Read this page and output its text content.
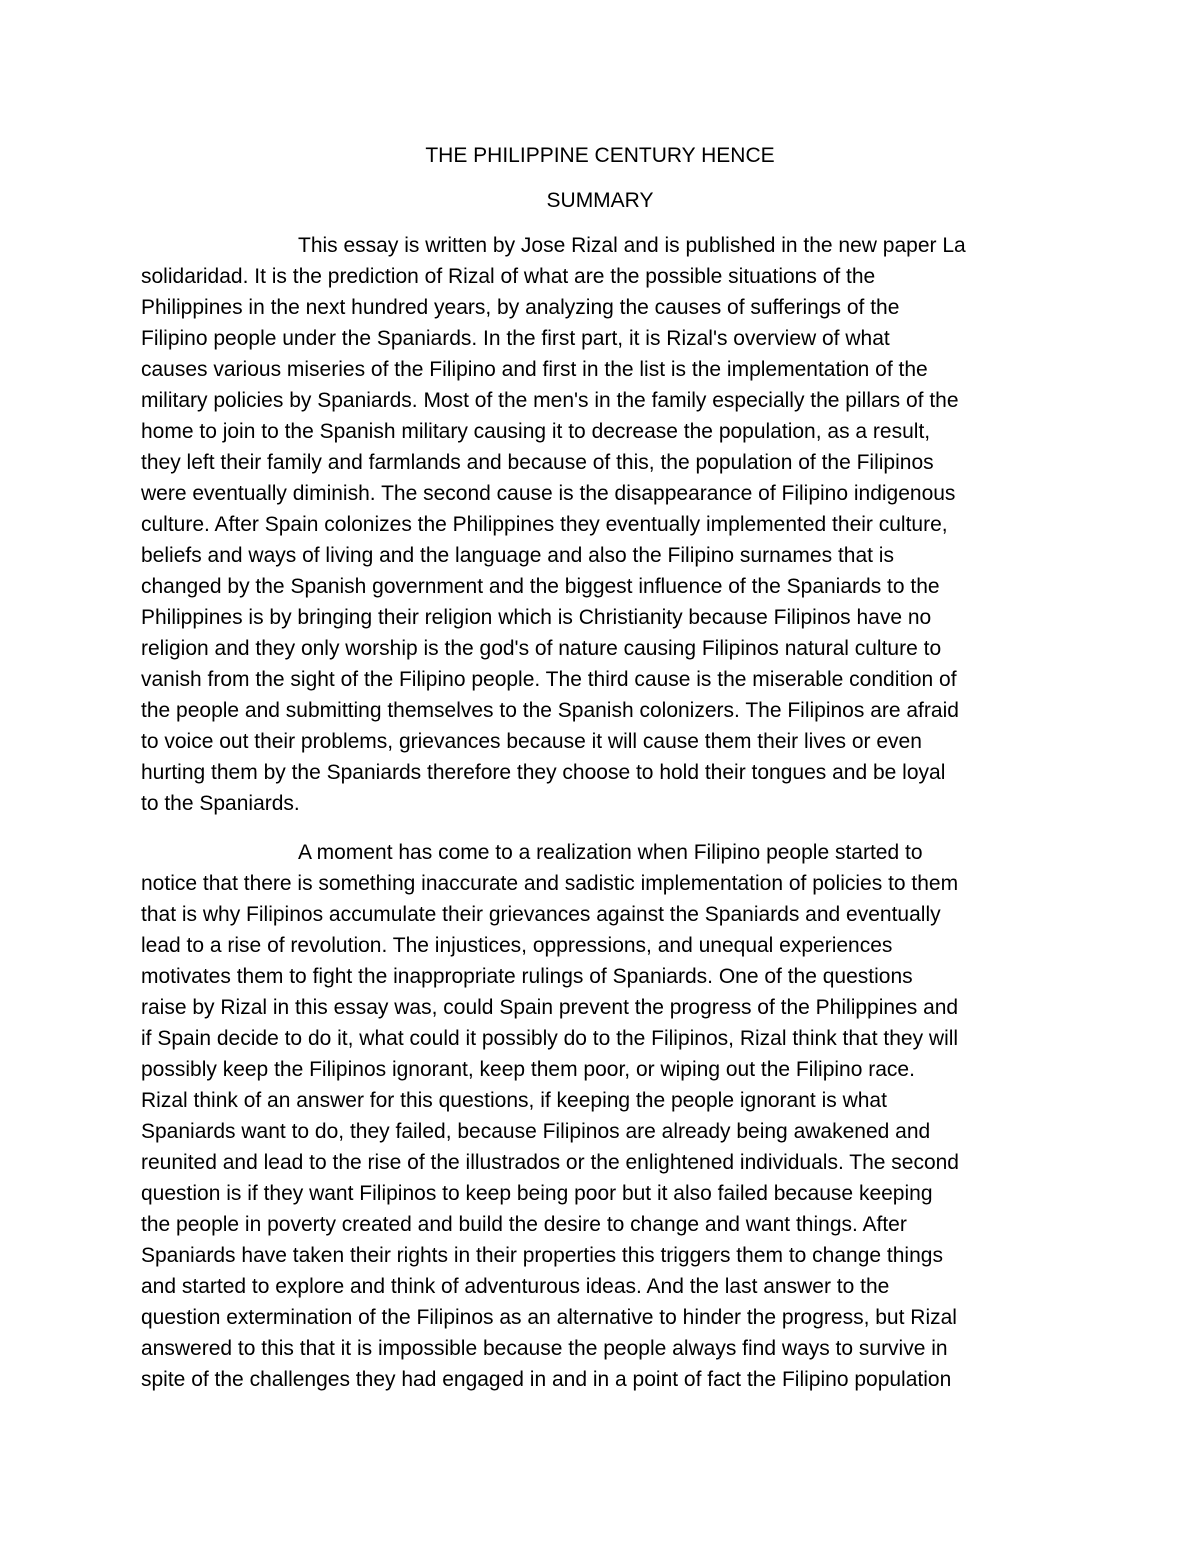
THE PHILIPPINE CENTURY HENCE
SUMMARY
This essay is written by Jose Rizal and is published in the new paper La
solidaridad. It is the prediction of Rizal of what are the possible situations of the
Philippines in the next hundred years, by analyzing the causes of sufferings of the
Filipino people under the Spaniards. In the first part, it is Rizal's overview of what
causes various miseries of the Filipino and first in the list is the implementation of the
military policies by Spaniards. Most of the men's in the family especially the pillars of the
home to join to the Spanish military causing it to decrease the population, as a result,
they left their family and farmlands and because of this, the population of the Filipinos
were eventually diminish. The second cause is the disappearance of Filipino indigenous
culture. After Spain colonizes the Philippines they eventually implemented their culture,
beliefs and ways of living and the language and also the Filipino surnames that is
changed by the Spanish government and the biggest influence of the Spaniards to the
Philippines is by bringing their religion which is Christianity because Filipinos have no
religion and they only worship is the god's of nature causing Filipinos natural culture to
vanish from the sight of the Filipino people. The third cause is the miserable condition of
the people and submitting themselves to the Spanish colonizers. The Filipinos are afraid
to voice out their problems, grievances because it will cause them their lives or even
hurting them by the Spaniards therefore they choose to hold their tongues and be loyal
to the Spaniards.
A moment has come to a realization when Filipino people started to
notice that there is something inaccurate and sadistic implementation of policies to them
that is why Filipinos accumulate their grievances against the Spaniards and eventually
lead to a rise of revolution. The injustices, oppressions, and unequal experiences
motivates them to fight the inappropriate rulings of Spaniards. One of the questions
raise by Rizal in this essay was, could Spain prevent the progress of the Philippines and
if Spain decide to do it, what could it possibly do to the Filipinos, Rizal think that they will
possibly keep the Filipinos ignorant, keep them poor, or wiping out the Filipino race.
Rizal think of an answer for this questions, if keeping the people ignorant is what
Spaniards want to do, they failed, because Filipinos are already being awakened and
reunited and lead to the rise of the illustrados or the enlightened individuals. The second
question is if they want Filipinos to keep being poor but it also failed because keeping
the people in poverty created and build the desire to change and want things. After
Spaniards have taken their rights in their properties this triggers them to change things
and started to explore and think of adventurous ideas. And the last answer to the
question extermination of the Filipinos as an alternative to hinder the progress, but Rizal
answered to this that it is impossible because the people always find ways to survive in
spite of the challenges they had engaged in and in a point of fact the Filipino population
